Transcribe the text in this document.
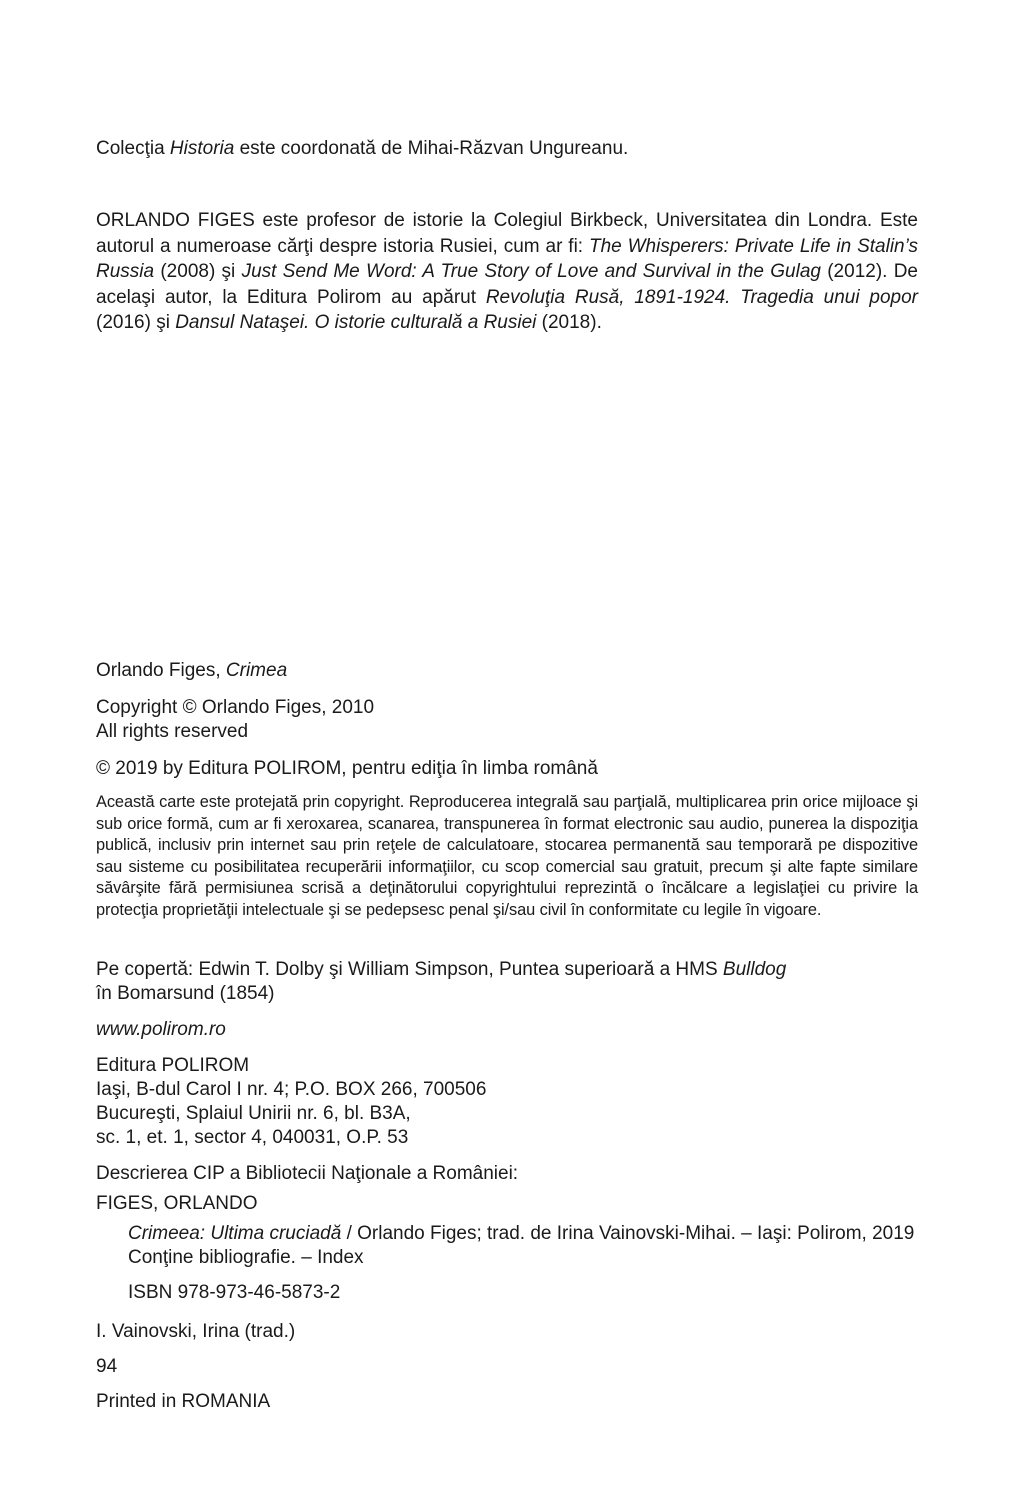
Colecţia Historia este coordonată de Mihai-Răzvan Ungureanu.
ORLANDO FIGES este profesor de istorie la Colegiul Birkbeck, Universitatea din Londra. Este autorul a numeroase cărţi despre istoria Rusiei, cum ar fi: The Whisperers: Private Life in Stalin’s Russia (2008) şi Just Send Me Word: A True Story of Love and Survival in the Gulag (2012). De acelaşi autor, la Editura Polirom au apărut Revoluţia Rusă, 1891-1924. Tragedia unui popor (2016) şi Dansul Nataşei. O istorie culturală a Rusiei (2018).
Orlando Figes, Crimea
Copyright © Orlando Figes, 2010
All rights reserved
© 2019 by Editura POLIROM, pentru ediţia în limba română
Această carte este protejată prin copyright. Reproducerea integrală sau parţială, multiplicarea prin orice mijloace şi sub orice formă, cum ar fi xeroxarea, scanarea, transpunerea în format electronic sau audio, punerea la dispoziţia publică, inclusiv prin internet sau prin reţele de calculatoare, stocarea permanentă sau temporară pe dispozitive sau sisteme cu posibilitatea recuperării informaţiilor, cu scop comercial sau gratuit, precum şi alte fapte similare săvârşite fără permisiunea scrisă a deţinătorului copyrightului reprezintă o încălcare a legislaţiei cu privire la protecţia proprietăţii intelectuale şi se pedepsesc penal şi/sau civil în conformitate cu legile în vigoare.
Pe copertă: Edwin T. Dolby şi William Simpson, Puntea superioară a HMS Bulldog
în Bomarsund (1854)
www.polirom.ro
Editura POLIROM
Iaşi, B-dul Carol I nr. 4; P.O. BOX 266, 700506
Bucureşti, Splaiul Unirii nr. 6, bl. B3A,
sc. 1, et. 1, sector 4, 040031, O.P. 53
Descrierea CIP a Bibliotecii Naţionale a României:
FIGES, ORLANDO
Crimeea: Ultima cruciadă / Orlando Figes; trad. de Irina Vainovski-Mihai. – Iaşi: Polirom, 2019
Conţine bibliografie. – Index
ISBN 978-973-46-5873-2
I. Vainovski, Irina (trad.)
94
Printed in ROMANIA
